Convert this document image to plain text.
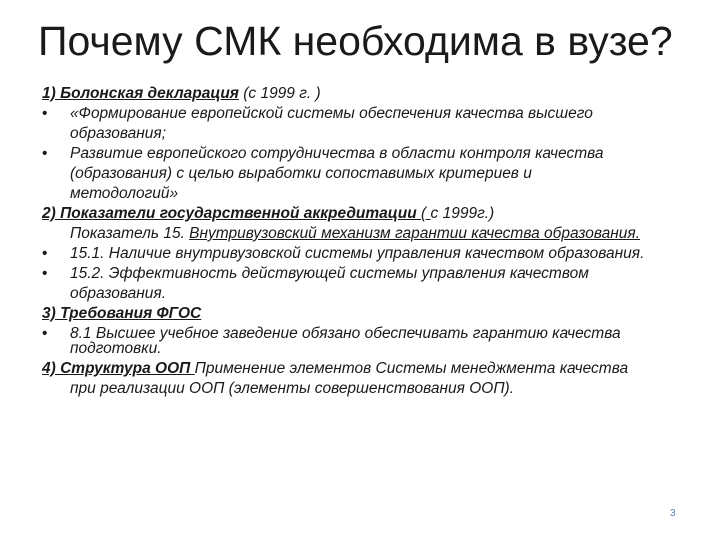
Почему СМК необходима в вузе?
1) Болонская декларация (с 1999 г. )
• «Формирование европейской системы обеспечения качества высшего
образования;
• Развитие европейского сотрудничества в области контроля качества
(образования) с целью выработки сопоставимых критериев и
методологий»
2) Показатели государственной аккредитации ( с 1999г.)
Показатель 15. Внутривузовский механизм гарантии качества образования.
• 15.1. Наличие внутривузовской системы управления качеством образования.
• 15.2. Эффективность действующей системы управления качеством
образования.
3) Требования ФГОС
• 8.1 Высшее учебное заведение обязано обеспечивать гарантию качества
подготовки.
4) Структура ООП Применение элементов Системы менеджмента качества
при реализации ООП (элементы совершенствования ООП).
3
